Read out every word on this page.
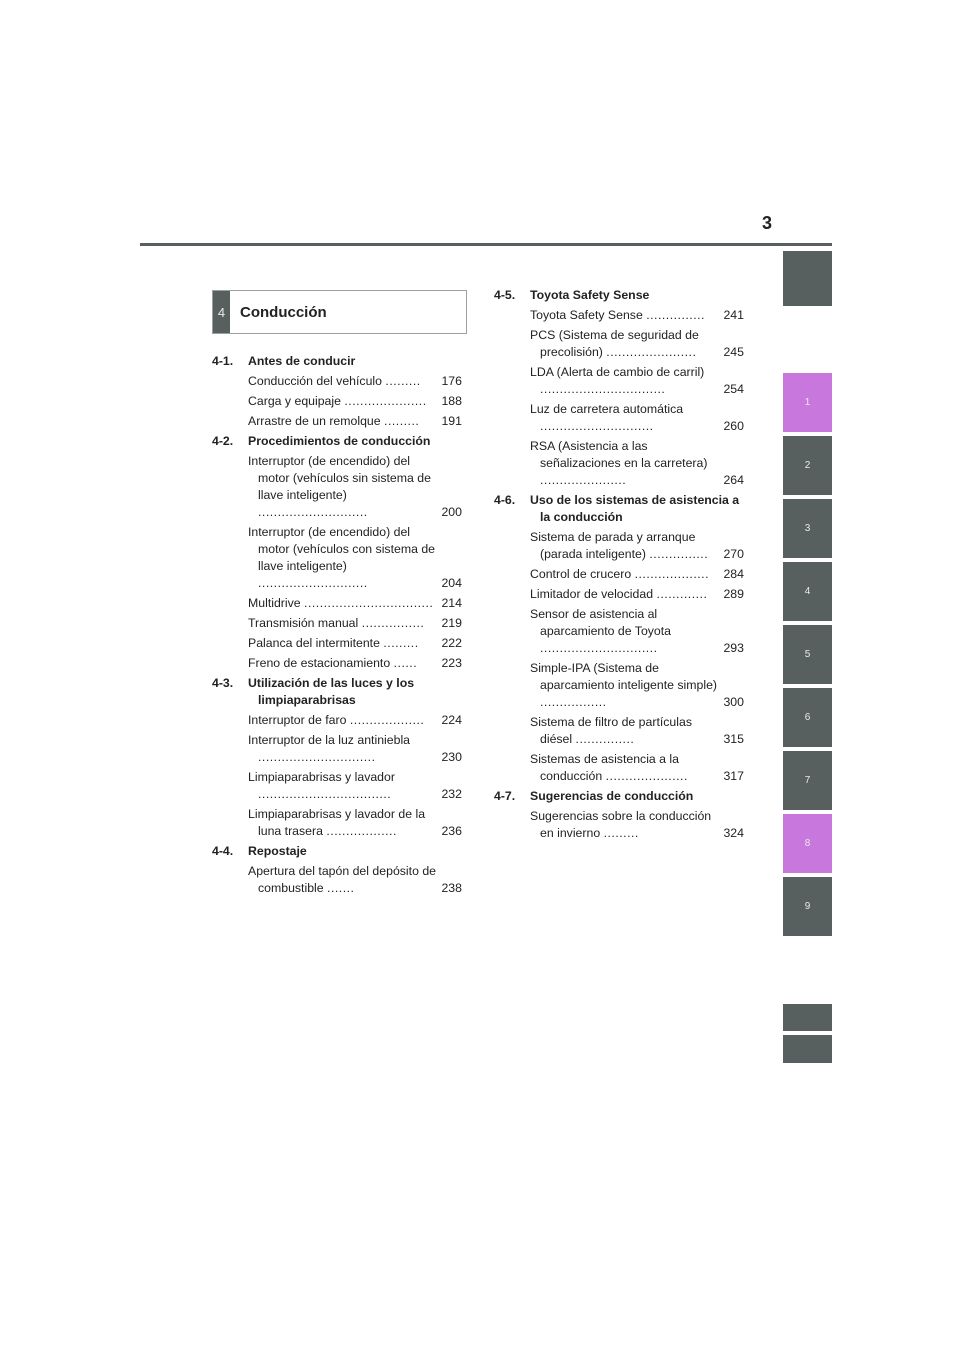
3
1
2
3
4
5
6
7
8
9
4 Conducción
4-1.	Antes de conducir
Conducción del vehículo .........	176
Carga y equipaje .....................	188
Arrastre de un remolque .........	191
4-2.	Procedimientos de conducción
Interruptor (de encendido) del motor (vehículos sin sistema de llave inteligente) ............................	200
Interruptor (de encendido) del motor (vehículos con sistema de llave inteligente) ............................	204
Multidrive ................................. 214
Transmisión manual ................	219
Palanca del intermitente .........	222
Freno de estacionamiento ......	223
4-3.	Utilización de las luces y los limpiaparabrisas
Interruptor de faro ...................	224
Interruptor de la luz antiniebla ..............................	230
Limpiaparabrisas y lavador ..................................	232
Limpiaparabrisas y lavador de la luna trasera ..................	236
4-4.	Repostaje
Apertura del tapón del depósito de combustible .......	238
4-5.	Toyota Safety Sense
Toyota Safety Sense ...............	241
PCS (Sistema de seguridad de precolisión) .......................	245
LDA (Alerta de cambio de carril) ................................	254
Luz de carretera automática .............................	260
RSA (Asistencia a las señalizaciones en la carretera) ......................	264
4-6.	Uso de los sistemas de asistencia a la conducción
Sistema de parada y arranque (parada inteligente) ...............	270
Control de crucero ...................	284
Limitador de velocidad .............	289
Sensor de asistencia al aparcamiento de Toyota ..............................	293
Simple-IPA (Sistema de aparcamiento inteligente simple) .................	300
Sistema de filtro de partículas diésel ...............	315
Sistemas de asistencia a la conducción .....................	317
4-7.	Sugerencias de conducción
Sugerencias sobre la conducción en invierno .........	324
